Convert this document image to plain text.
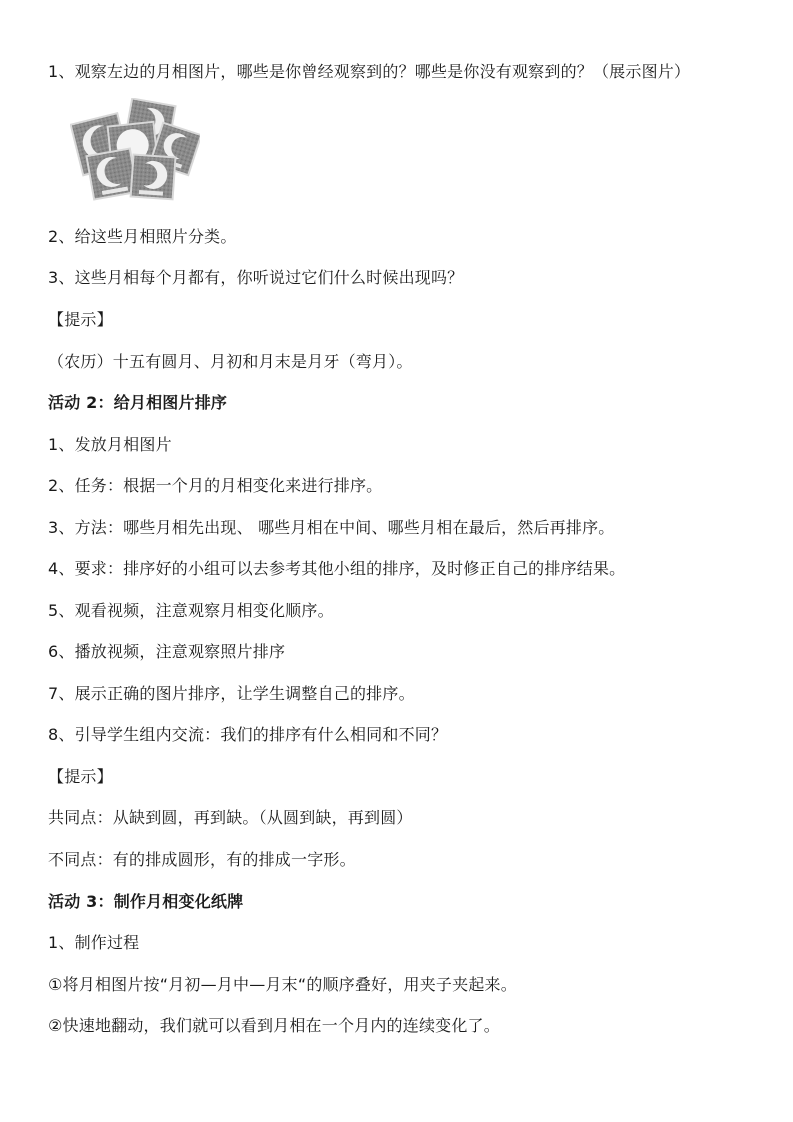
1、观察左边的月相图片，哪些是你曾经观察到的？哪些是你没有观察到的？（展示图片）
2、给这些月相照片分类。
3、这些月相每个月都有，你听说过它们什么时候出现吗？
【提示】
（农历）十五有圆月、月初和月末是月牙（弯月）。
活动 2：给月相图片排序
1、发放月相图片
2、任务：根据一个月的月相变化来进行排序。
3、方法：哪些月相先出现、 哪些月相在中间、哪些月相在最后，然后再排序。
4、要求：排序好的小组可以去参考其他小组的排序，及时修正自己的排序结果。
5、观看视频，注意观察月相变化顺序。
6、播放视频，注意观察照片排序
7、展示正确的图片排序，让学生调整自己的排序。
8、引导学生组内交流：我们的排序有什么相同和不同？
【提示】
共同点：从缺到圆，再到缺。（从圆到缺，再到圆）
不同点：有的排成圆形，有的排成一字形。
活动 3：制作月相变化纸牌
1、制作过程
①将月相图片按“月初—月中—月末“的顺序叠好，用夹子夹起来。
②快速地翻动，我们就可以看到月相在一个月内的连续变化了。
